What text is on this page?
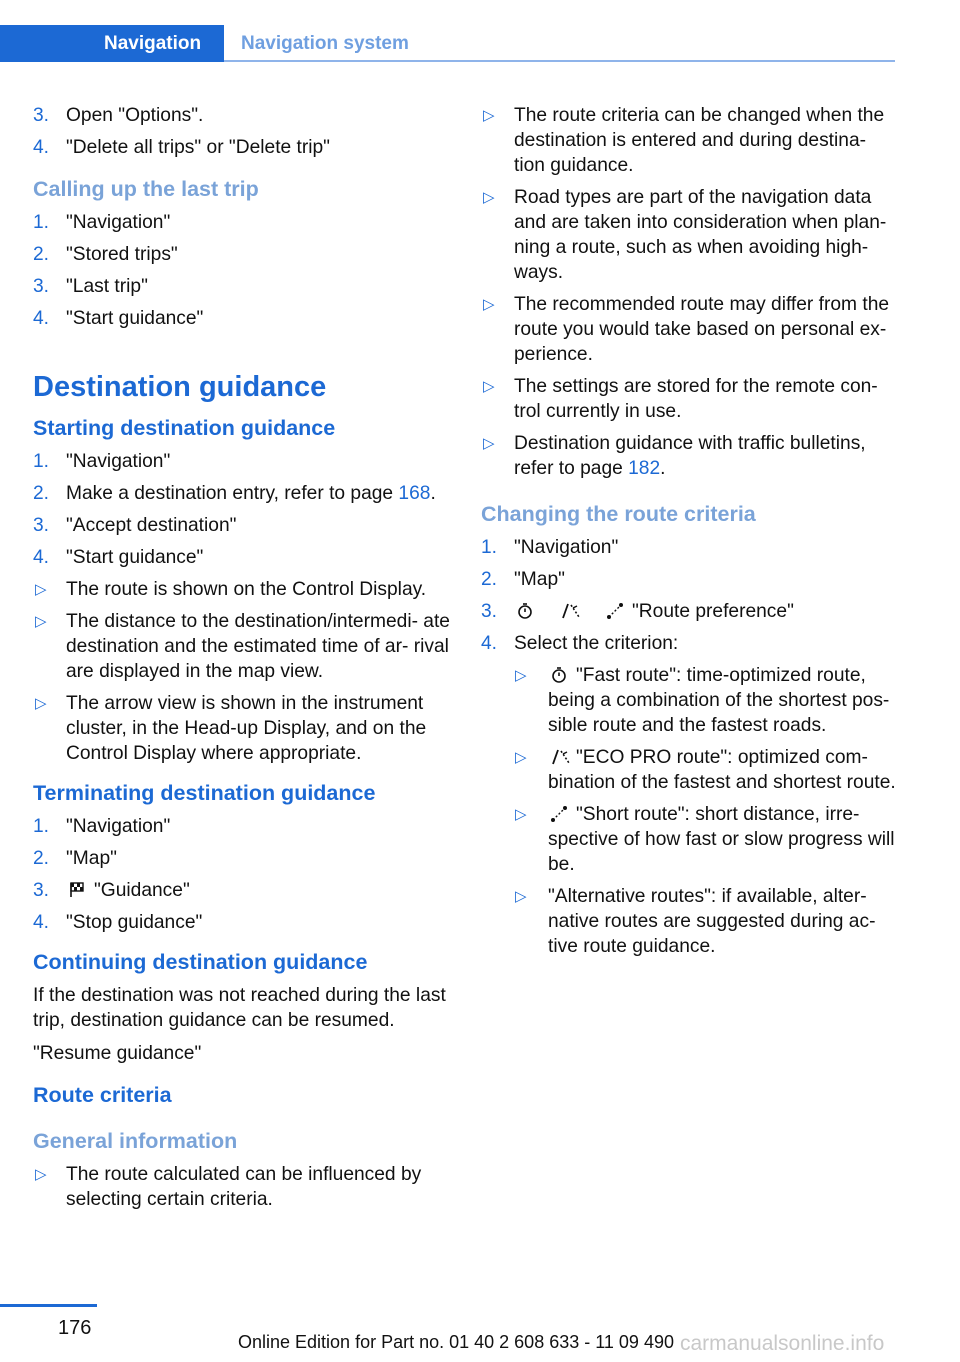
Navigation	Navigation system
3. Open "Options".
4. "Delete all trips" or "Delete trip"
Calling up the last trip
1. "Navigation"
2. "Stored trips"
3. "Last trip"
4. "Start guidance"
Destination guidance
Starting destination guidance
1. "Navigation"
2. Make a destination entry, refer to page 168.
3. "Accept destination"
4. "Start guidance"
▷ The route is shown on the Control Display.
▷ The distance to the destination/intermedi‐ ate destination and the estimated time of ar‐ rival are displayed in the map view.
▷ The arrow view is shown in the instrument cluster, in the Head-up Display, and on the Control Display where appropriate.
Terminating destination guidance
1. "Navigation"
2. "Map"
3. "Guidance"
4. "Stop guidance"
Continuing destination guidance
If the destination was not reached during the last trip, destination guidance can be resumed.
"Resume guidance"
Route criteria
General information
▷ The route calculated can be influenced by selecting certain criteria.
▷ The route criteria can be changed when the destination is entered and during destina‐ tion guidance.
▷ Road types are part of the navigation data and are taken into consideration when plan‐ ning a route, such as when avoiding high‐ ways.
▷ The recommended route may differ from the route you would take based on personal ex‐ perience.
▷ The settings are stored for the remote con‐ trol currently in use.
▷ Destination guidance with traffic bulletins, refer to page 182.
Changing the route criteria
1. "Navigation"
2. "Map"
3.	"Route preference"
4. Select the criterion:
▷	"Fast route": time-optimized route, being a combination of the shortest pos‐ sible route and the fastest roads.
▷	"ECO PRO route": optimized com‐ bination of the fastest and shortest route.
▷	"Short route": short distance, irre‐ spective of how fast or slow progress will be.
▷ "Alternative routes": if available, alter‐ native routes are suggested during ac‐ tive route guidance.
176
Online Edition for Part no. 01 40 2 608 633 - 11 09 490 carmanualsonline.info
